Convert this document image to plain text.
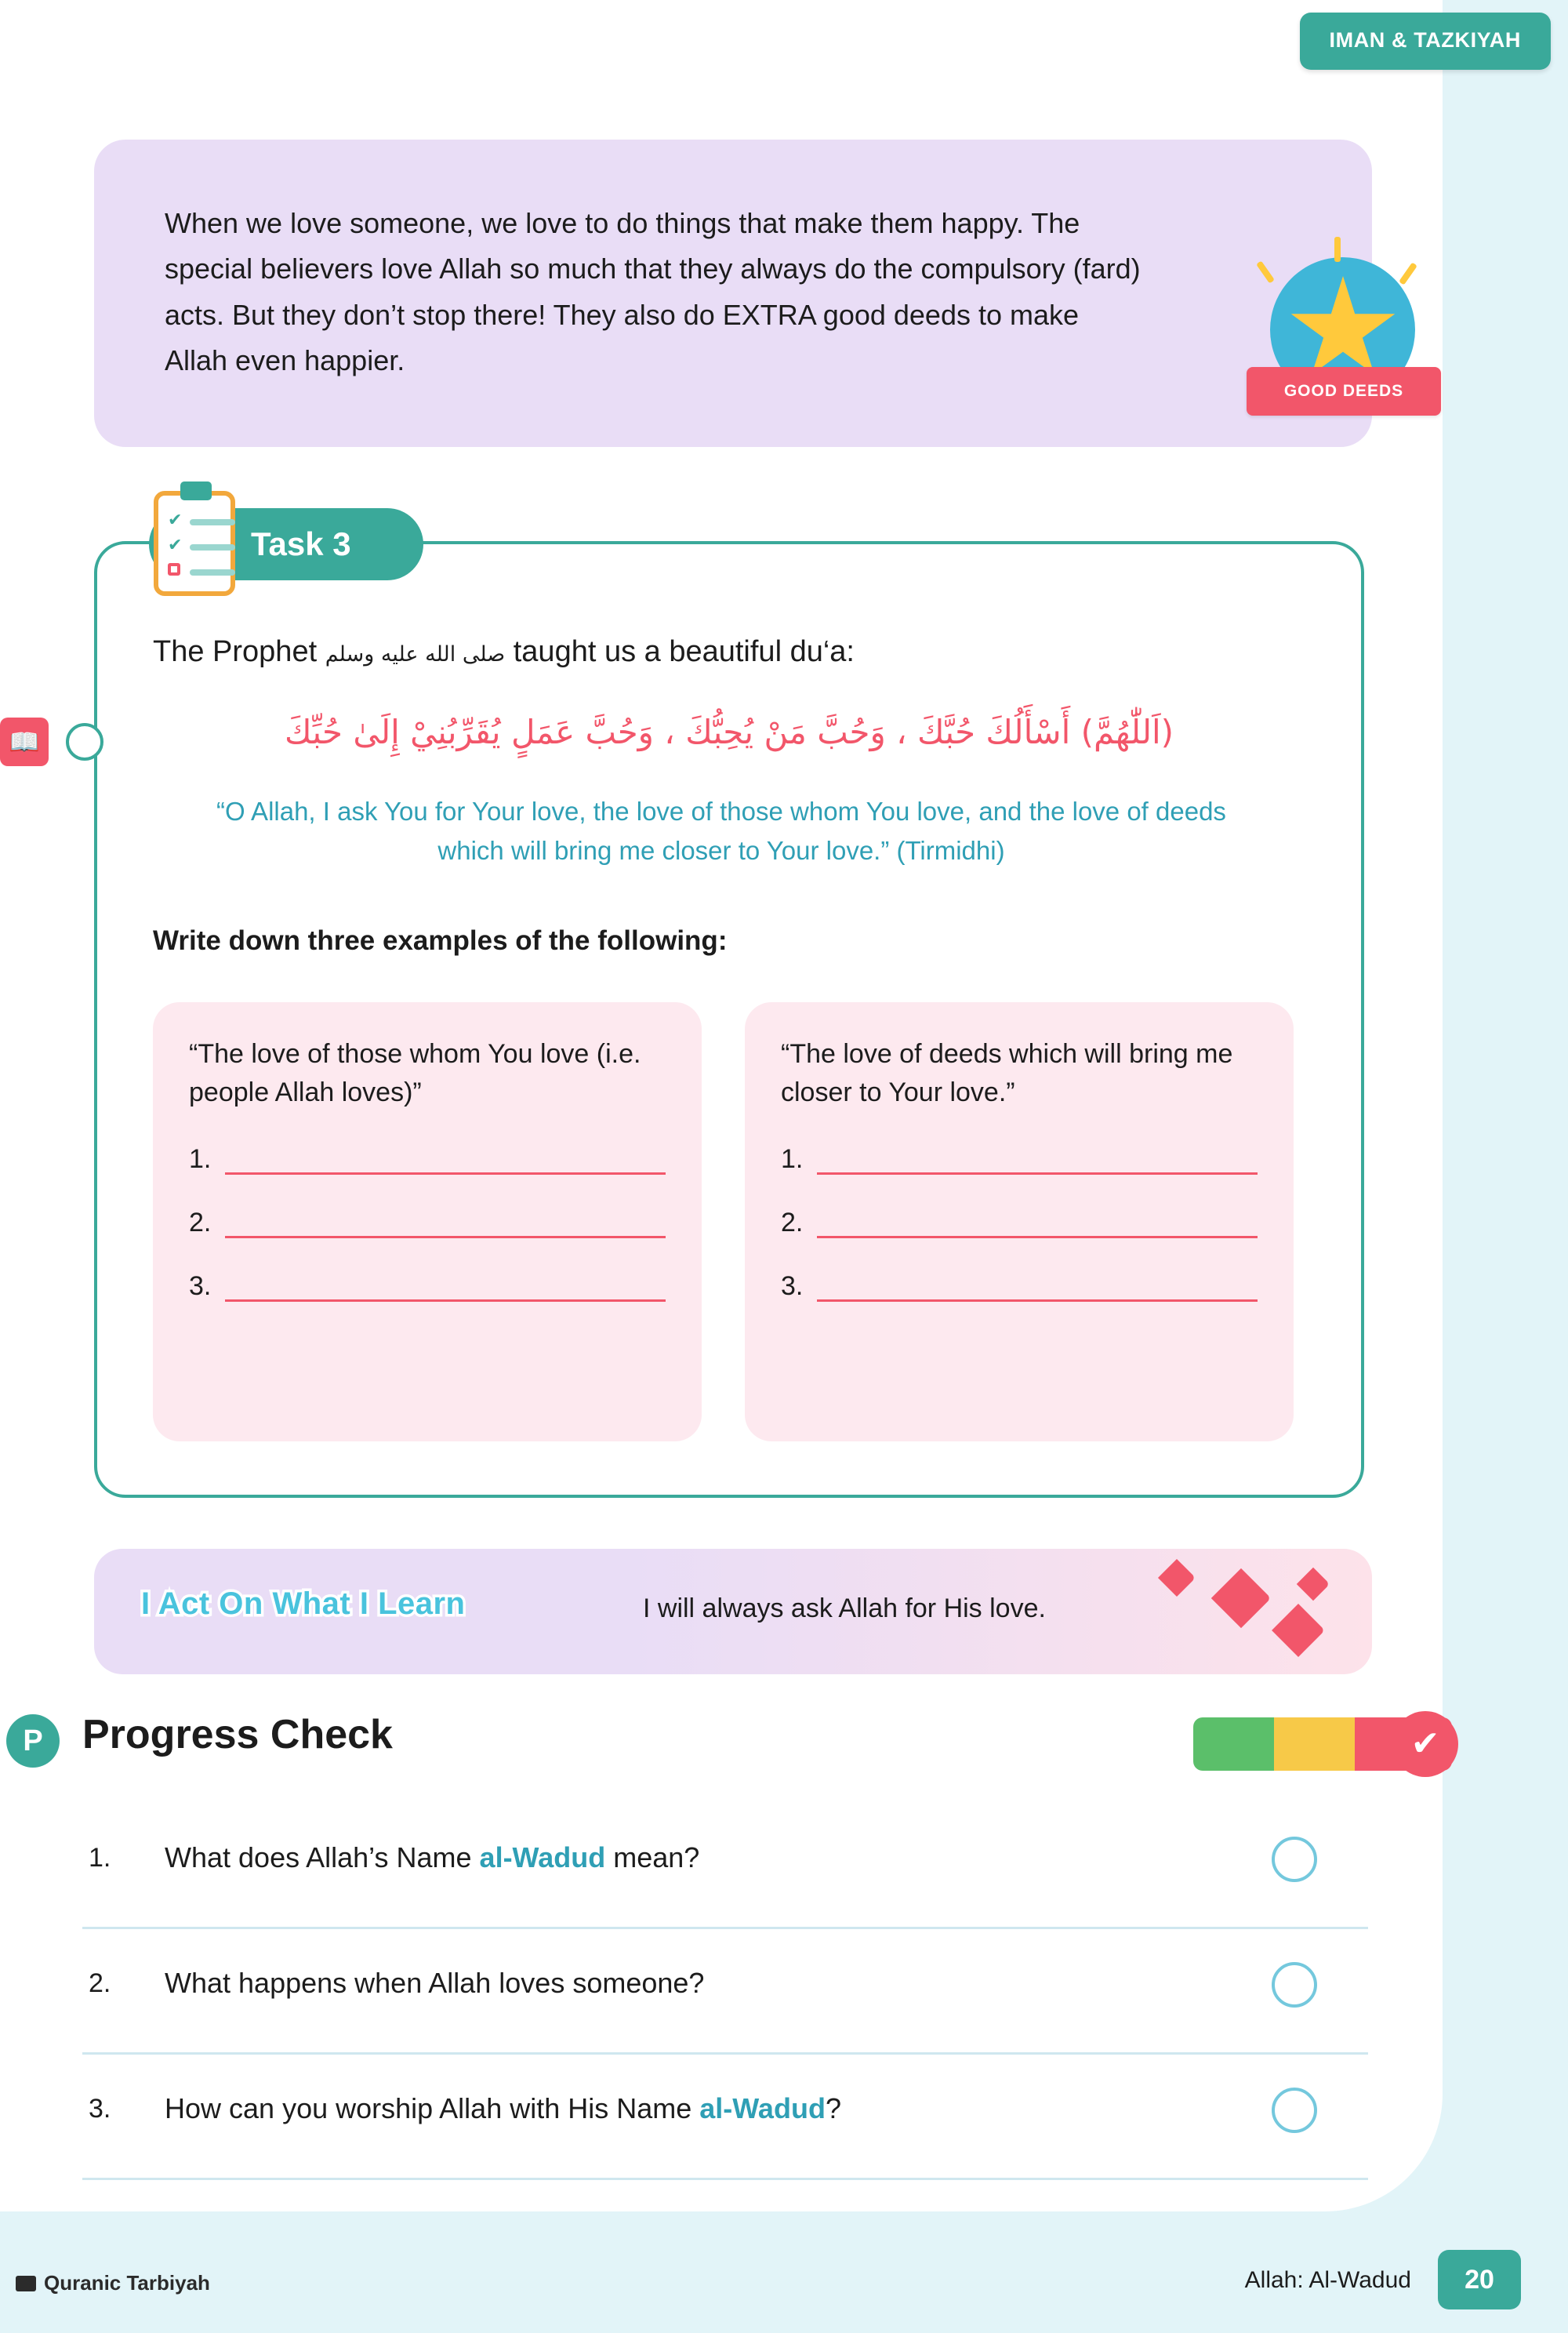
IMAN & TAZKIYAH
When we love someone, we love to do things that make them happy. The special believers love Allah so much that they always do the compulsory (fard) acts. But they don’t stop there! They also do EXTRA good deeds to make Allah even happier.
GOOD DEEDS
Task 3
✔
✔
📖
The Prophet صلى الله عليه وسلم taught us a beautiful du‘a:
(اَللّٰهُمَّ) أَسْأَلُكَ حُبَّكَ ، وَحُبَّ مَنْ يُحِبُّكَ ، وَحُبَّ عَمَلٍ يُقَرِّبُنِيْ إِلَىٰ حُبِّكَ
“O Allah, I ask You for Your love, the love of those whom You love, and the love of deeds which will bring me closer to Your love.” (Tirmidhi)
Write down three examples of the following:
“The love of those whom You love (i.e. people Allah loves)”
1.
2.
3.
“The love of deeds which will bring me closer to Your love.”
1.
2.
3.
I Act On What I Learn	I will always ask Allah for His love.
P Progress Check	✔
1. What does Allah’s Name al-Wadud mean?
2. What happens when Allah loves someone?
3. How can you worship Allah with His Name al-Wadud?
Quranic Tarbiyah	Allah: Al-Wadud	20
